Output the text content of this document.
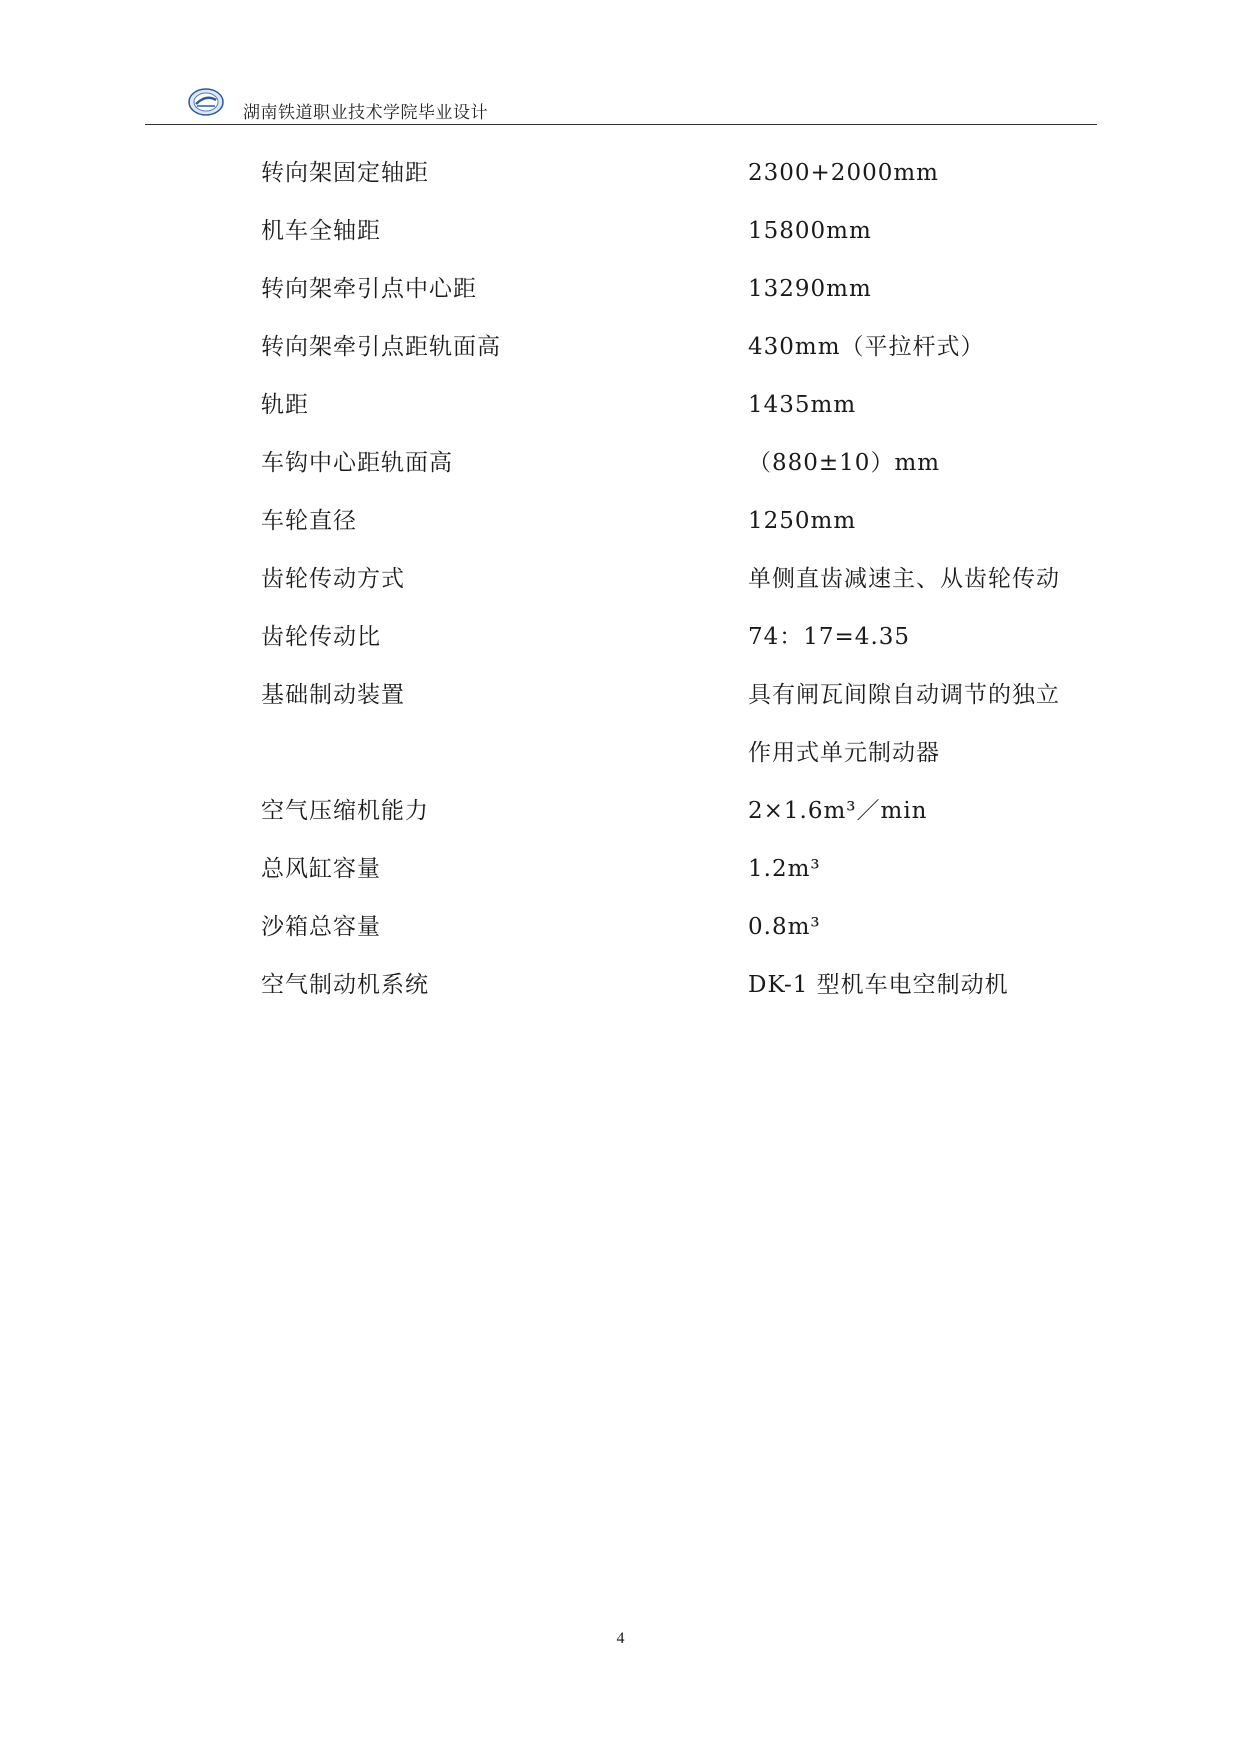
湖南铁道职业技术学院毕业设计
转向架固定轴距	2300+2000mm
机车全轴距	15800mm
转向架牵引点中心距	13290mm
转向架牵引点距轨面高	430mm（平拉杆式）
轨距	1435mm
车钩中心距轨面高	（880±10）mm
车轮直径	1250mm
齿轮传动方式	单侧直齿减速主、从齿轮传动
齿轮传动比	74：17=4.35
基础制动装置	具有闸瓦间隙自动调节的独立
作用式单元制动器
空气压缩机能力	2×1.6m³／min
总风缸容量	1.2m³
沙箱总容量	0.8m³
空气制动机系统	DK-1 型机车电空制动机
4
